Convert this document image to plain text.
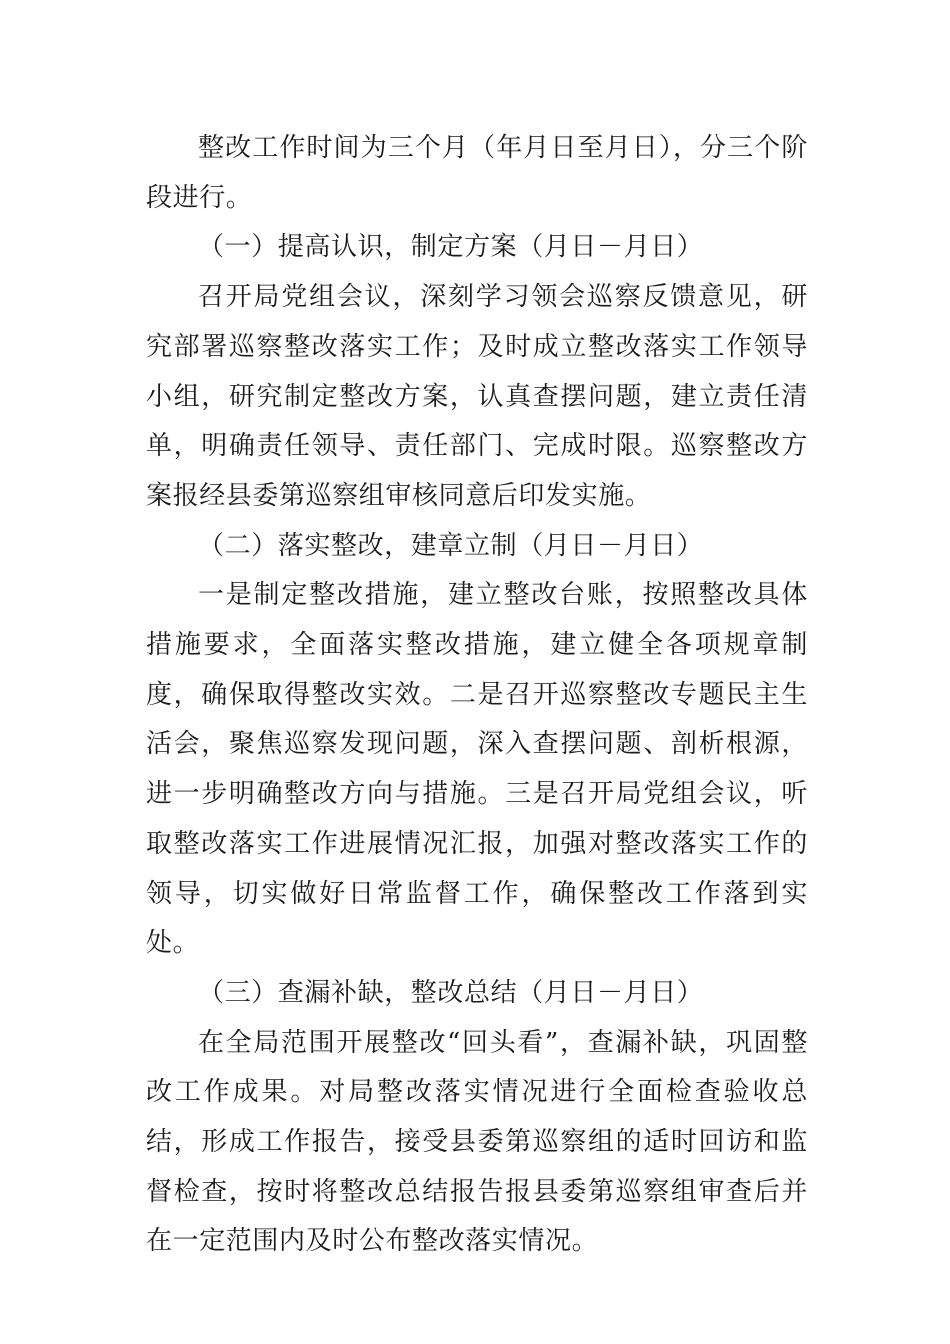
整改工作时间为三个月（年月日至月日），分三个阶段进行。

（一）提高认识，制定方案（月日－月日）

召开局党组会议，深刻学习领会巡察反馈意见，研究部署巡察整改落实工作；及时成立整改落实工作领导小组，研究制定整改方案，认真查摆问题，建立责任清单，明确责任领导、责任部门、完成时限。巡察整改方案报经县委第巡察组审核同意后印发实施。

（二）落实整改，建章立制（月日－月日）

一是制定整改措施，建立整改台账，按照整改具体措施要求，全面落实整改措施，建立健全各项规章制度，确保取得整改实效。二是召开巡察整改专题民主生活会，聚焦巡察发现问题，深入查摆问题、剖析根源，进一步明确整改方向与措施。三是召开局党组会议，听取整改落实工作进展情况汇报，加强对整改落实工作的领导，切实做好日常监督工作，确保整改工作落到实处。

（三）查漏补缺，整改总结（月日－月日）

在全局范围开展整改“回头看”，查漏补缺，巩固整改工作成果。对局整改落实情况进行全面检查验收总结，形成工作报告，接受县委第巡察组的适时回访和监督检查，按时将整改总结报告报县委第巡察组审查后并在一定范围内及时公布整改落实情况。
